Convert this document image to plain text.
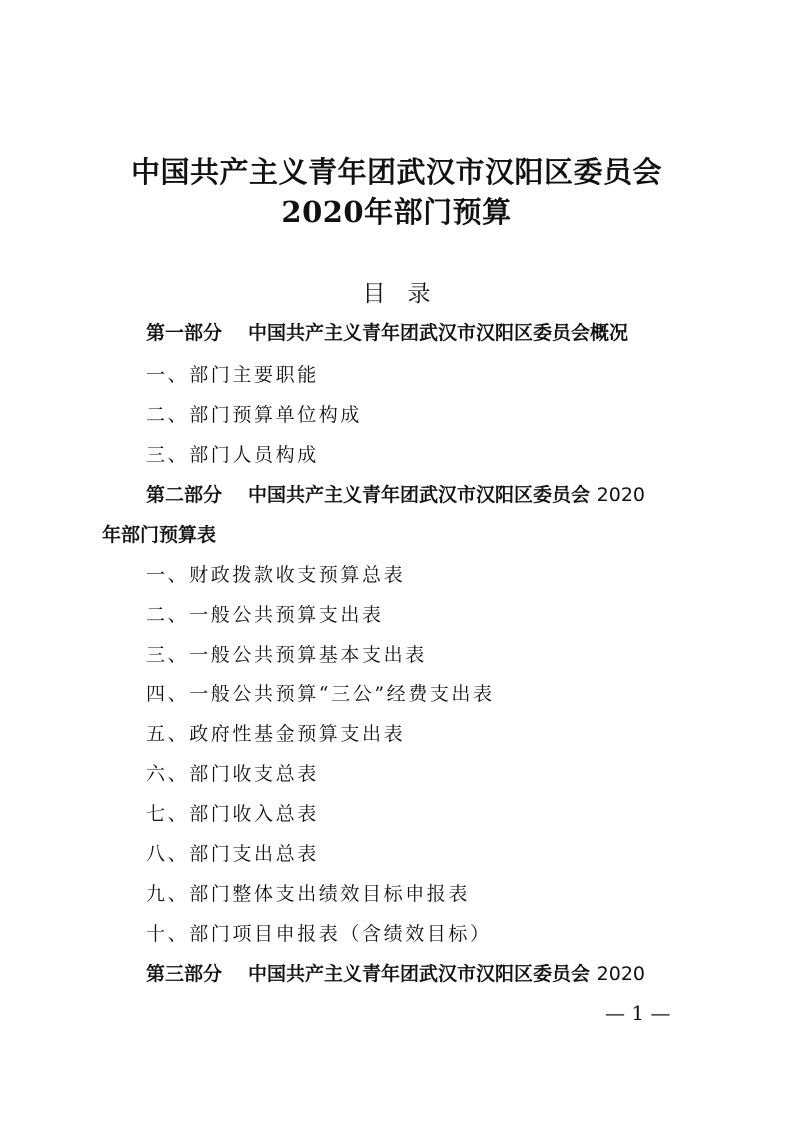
中国共产主义青年团武汉市汉阳区委员会
2020年部门预算
目 录
第一部分 中国共产主义青年团武汉市汉阳区委员会概况
一、部门主要职能
二、部门预算单位构成
三、部门人员构成
第二部分 中国共产主义青年团武汉市汉阳区委员会 2020
年部门预算表
一、财政拨款收支预算总表
二、一般公共预算支出表
三、一般公共预算基本支出表
四、一般公共预算“三公”经费支出表
五、政府性基金预算支出表
六、部门收支总表
七、部门收入总表
八、部门支出总表
九、部门整体支出绩效目标申报表
十、部门项目申报表（含绩效目标）
第三部分 中国共产主义青年团武汉市汉阳区委员会 2020
— 1 —
